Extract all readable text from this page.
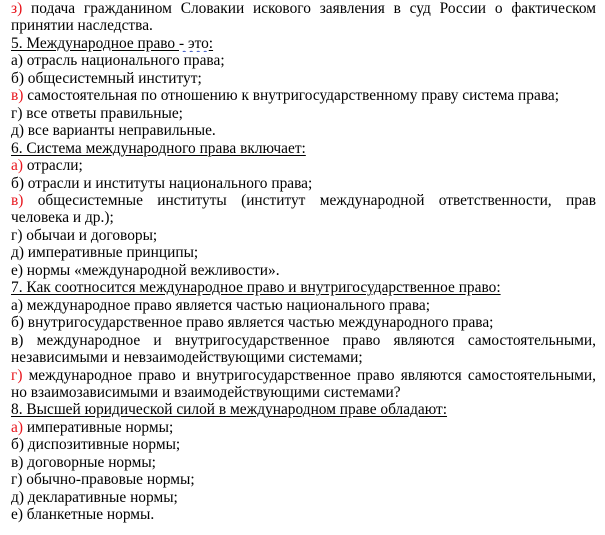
з) подача гражданином Словакии искового заявления в суд России о фактическом
принятии наследства.
5. Международное право - это:
а) отрасль национального права;
б) общесистемный институт;
в) самостоятельная по отношению к внутригосударственному праву система права;
г) все ответы правильные;
д) все варианты неправильные.
6. Система международного права включает:
а) отрасли;
б) отрасли и институты национального права;
в) общесистемные институты (институт международной ответственности, прав
человека и др.);
г) обычаи и договоры;
д) императивные принципы;
е) нормы «международной вежливости».
7. Как соотносится международное право и внутригосударственное право:
а) международное право является частью национального права;
б) внутригосударственное право является частью международного права;
в) международное и внутригосударственное право являются самостоятельными,
независимыми и невзаимодействующими системами;
г) международное право и внутригосударственное право являются самостоятельными,
но взаимозависимыми и взаимодействующими системами?
8. Высшей юридической силой в международном праве обладают:
а) императивные нормы;
б) диспозитивные нормы;
в) договорные нормы;
г) обычно-правовые нормы;
д) декларативные нормы;
е) бланкетные нормы.
